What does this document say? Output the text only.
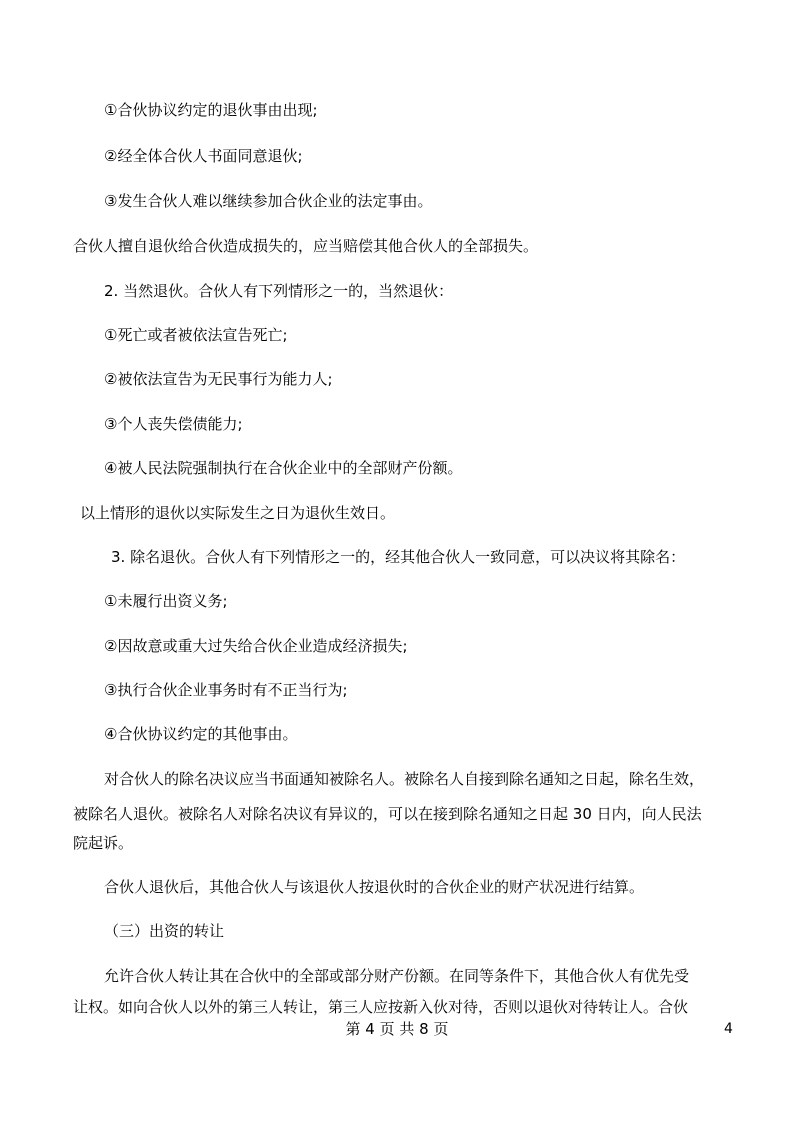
①合伙协议约定的退伙事由出现;
②经全体合伙人书面同意退伙;
③发生合伙人难以继续参加合伙企业的法定事由。
合伙人擅自退伙给合伙造成损失的，应当赔偿其他合伙人的全部损失。
2. 当然退伙。合伙人有下列情形之一的，当然退伙：
①死亡或者被依法宣告死亡;
②被依法宣告为无民事行为能力人;
③个人丧失偿债能力;
④被人民法院强制执行在合伙企业中的全部财产份额。
以上情形的退伙以实际发生之日为退伙生效日。
3. 除名退伙。合伙人有下列情形之一的，经其他合伙人一致同意，可以决议将其除名：
①未履行出资义务;
②因故意或重大过失给合伙企业造成经济损失;
③执行合伙企业事务时有不正当行为;
④合伙协议约定的其他事由。
对合伙人的除名决议应当书面通知被除名人。被除名人自接到除名通知之日起，除名生效，
被除名人退伙。被除名人对除名决议有异议的，可以在接到除名通知之日起 30 日内，向人民法
院起诉。
合伙人退伙后，其他合伙人与该退伙人按退伙时的合伙企业的财产状况进行结算。
（三）出资的转让
允许合伙人转让其在合伙中的全部或部分财产份额。在同等条件下，其他合伙人有优先受
让权。如向合伙人以外的第三人转让，第三人应按新入伙对待，否则以退伙对待转让人。合伙
第 4 页 共 8 页	4
